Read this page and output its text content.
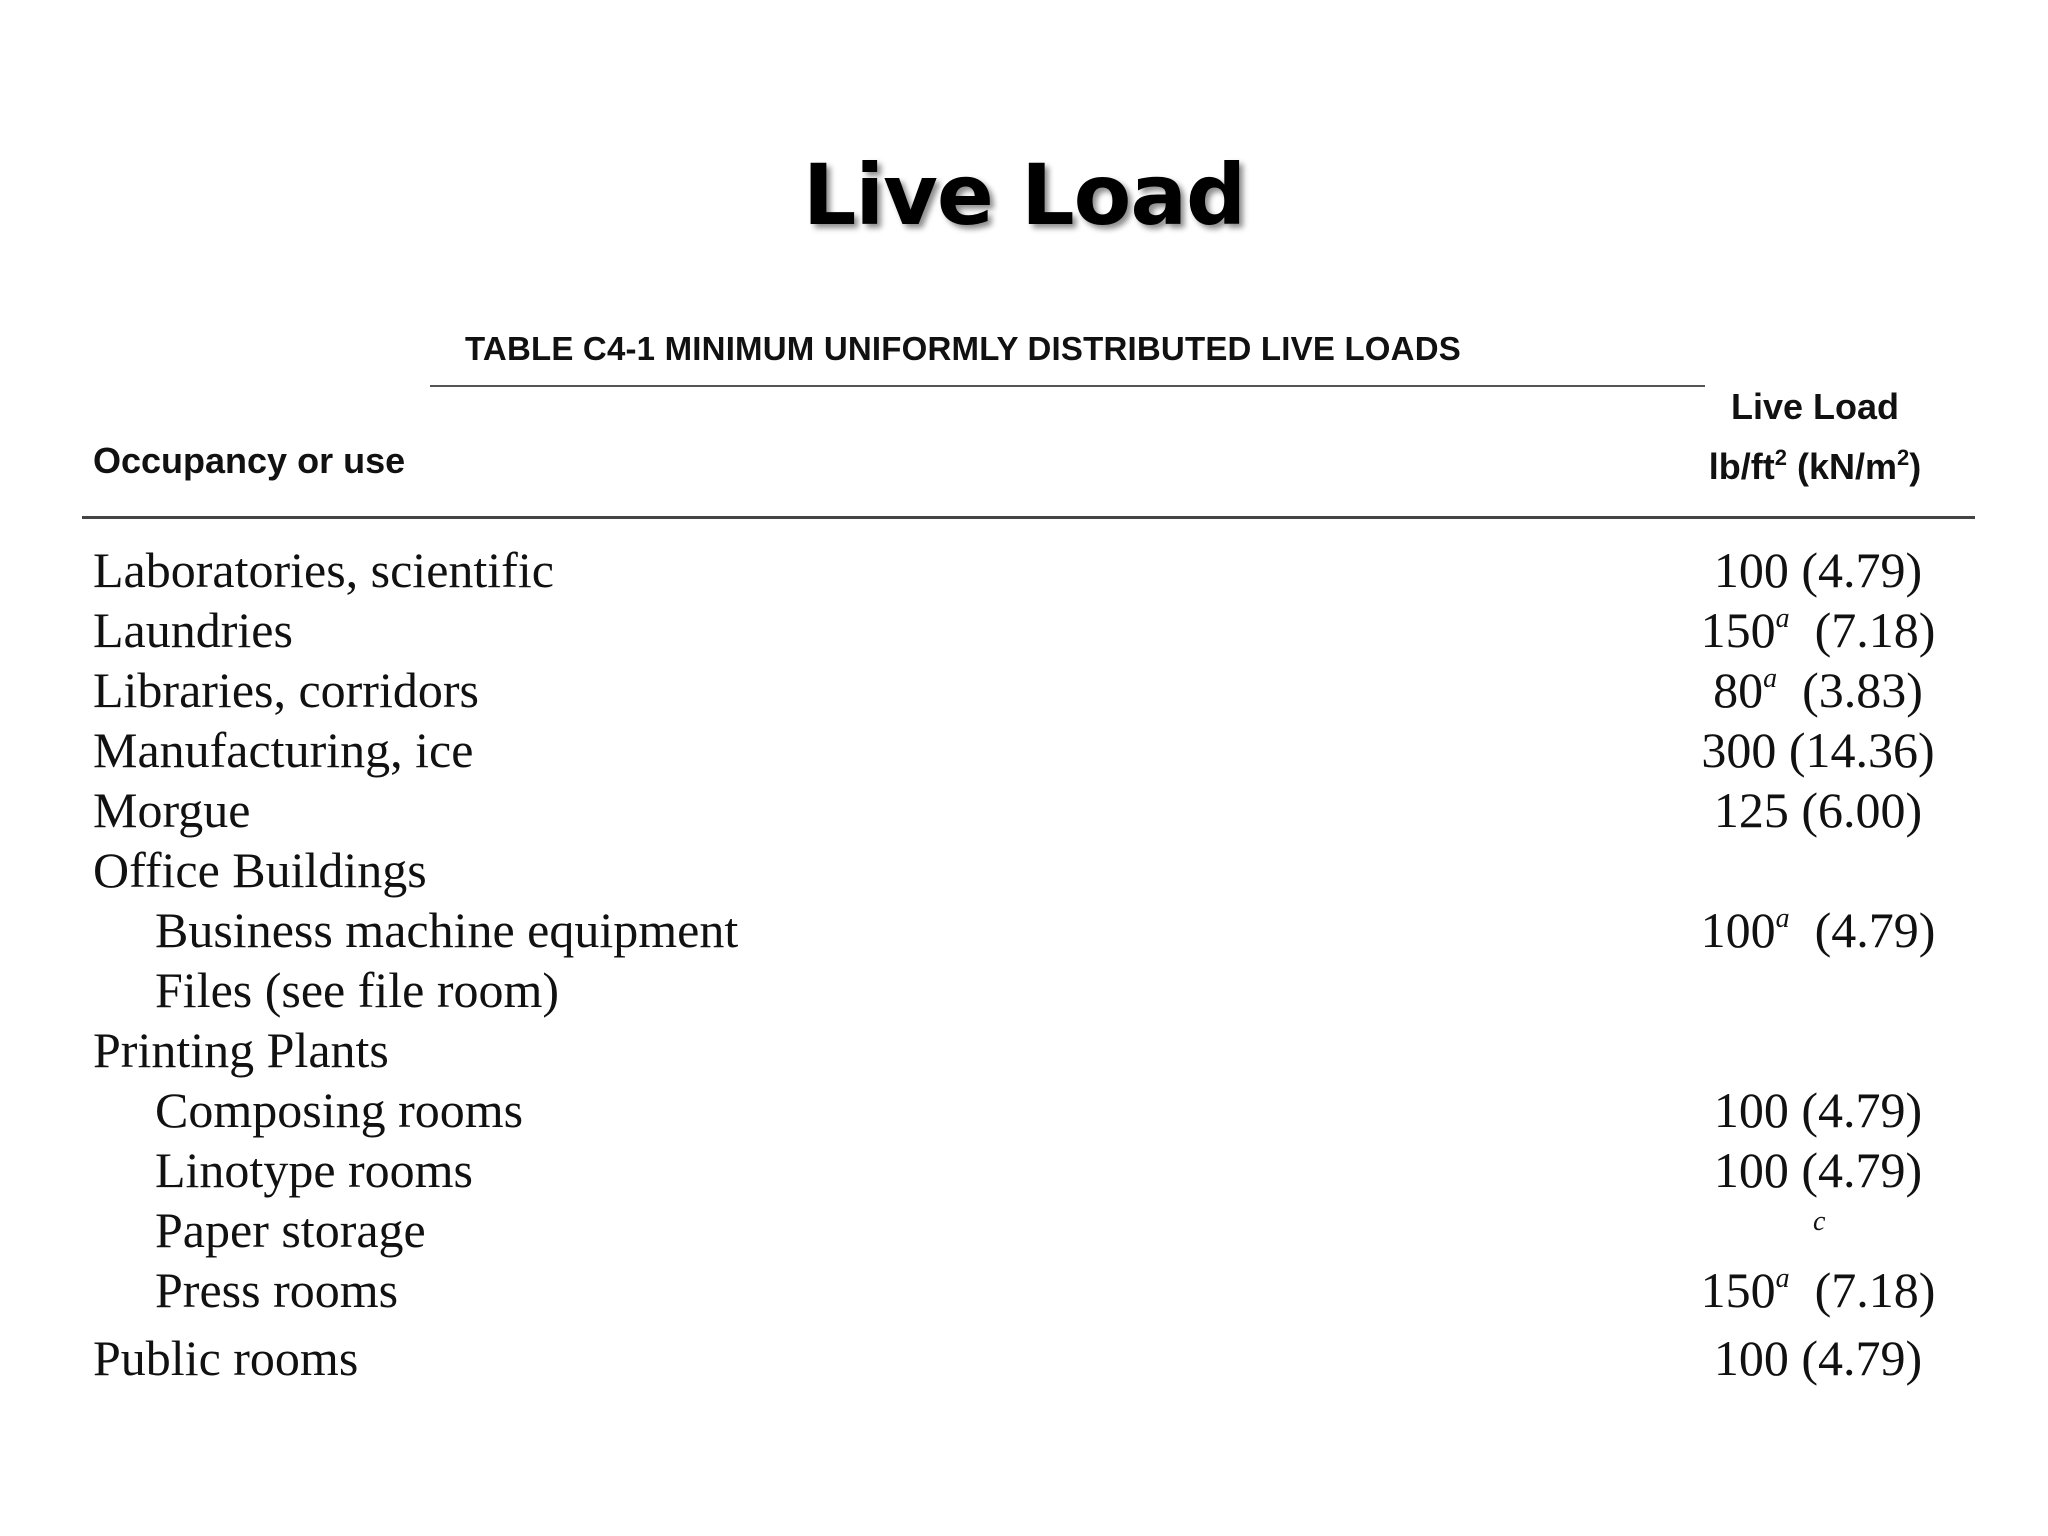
Live Load
TABLE C4-1 MINIMUM UNIFORMLY DISTRIBUTED LIVE LOADS
Occupancy or use
Live Load
$lb/ft^2$ $(kN/m^2)$
Laboratories, scientific	100 (4.79)
Laundries	150$^a$ (7.18)
Libraries, corridors	80$^a$ (3.83)
Manufacturing, ice	300 (14.36)
Morgue	125 (6.00)
Office Buildings
Business machine equipment	100$^a$ (4.79)
Files (see file room)
Printing Plants
Composing rooms	100 (4.79)
Linotype rooms	100 (4.79)
Paper storage	c
Press rooms	150$^a$ (7.18)
Public rooms	100 (4.79)
